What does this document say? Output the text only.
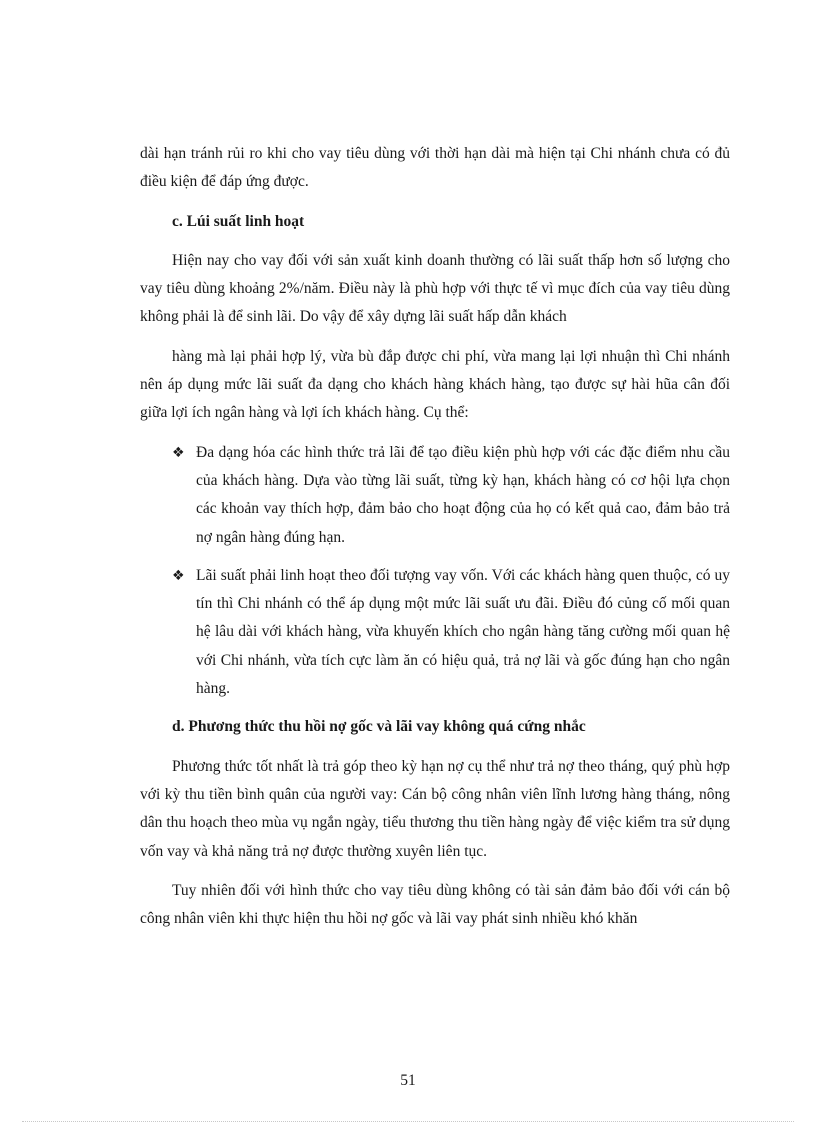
dài hạn tránh rủi ro khi cho vay tiêu dùng với thời hạn dài mà hiện tại Chi nhánh chưa có đủ điều kiện để đáp ứng được.

c. Lúi suất linh hoạt

Hiện nay cho vay đối với sản xuất kinh doanh thường có lãi suất thấp hơn số lượng cho vay tiêu dùng khoảng 2%/năm. Điều này là phù hợp với thực tế vì mục đích của vay tiêu dùng không phải là để sinh lãi. Do vậy để xây dựng lãi suất hấp dẫn khách

hàng mà lại phải hợp lý, vừa bù đắp được chi phí, vừa mang lại lợi nhuận thì Chi nhánh nên áp dụng mức lãi suất đa dạng cho khách hàng khách hàng, tạo được sự hài hũa cân đối giữa lợi ích ngân hàng và lợi ích khách hàng. Cụ thể:

❖ Đa dạng hóa các hình thức trả lãi để tạo điều kiện phù hợp với các đặc điểm nhu cầu của khách hàng. Dựa vào từng lãi suất, từng kỳ hạn, khách hàng có cơ hội lựa chọn các khoản vay thích hợp, đảm bảo cho hoạt động của họ có kết quả cao, đảm bảo trả nợ ngân hàng đúng hạn.
❖ Lãi suất phải linh hoạt theo đối tượng vay vốn. Với các khách hàng quen thuộc, có uy tín thì Chi nhánh có thể áp dụng một mức lãi suất ưu đãi. Điều đó củng cố mối quan hệ lâu dài với khách hàng, vừa khuyến khích cho ngân hàng tăng cường mối quan hệ với Chi nhánh, vừa tích cực làm ăn có hiệu quả, trả nợ lãi và gốc đúng hạn cho ngân hàng.
d. Phương thức thu hồi nợ gốc và lãi vay không quá cứng nhắc

Phương thức tốt nhất là trả góp theo kỳ hạn nợ cụ thể như trả nợ theo tháng, quý phù hợp với kỳ thu tiền bình quân của người vay: Cán bộ công nhân viên lĩnh lương hàng tháng, nông dân thu hoạch theo mùa vụ ngắn ngày, tiểu thương thu tiền hàng ngày để việc kiểm tra sử dụng vốn vay và khả năng trả nợ được thường xuyên liên tục.

Tuy nhiên đối với hình thức cho vay tiêu dùng không có tài sản đảm bảo đối với cán bộ công nhân viên khi thực hiện thu hồi nợ gốc và lãi vay phát sinh nhiều khó khăn

51
